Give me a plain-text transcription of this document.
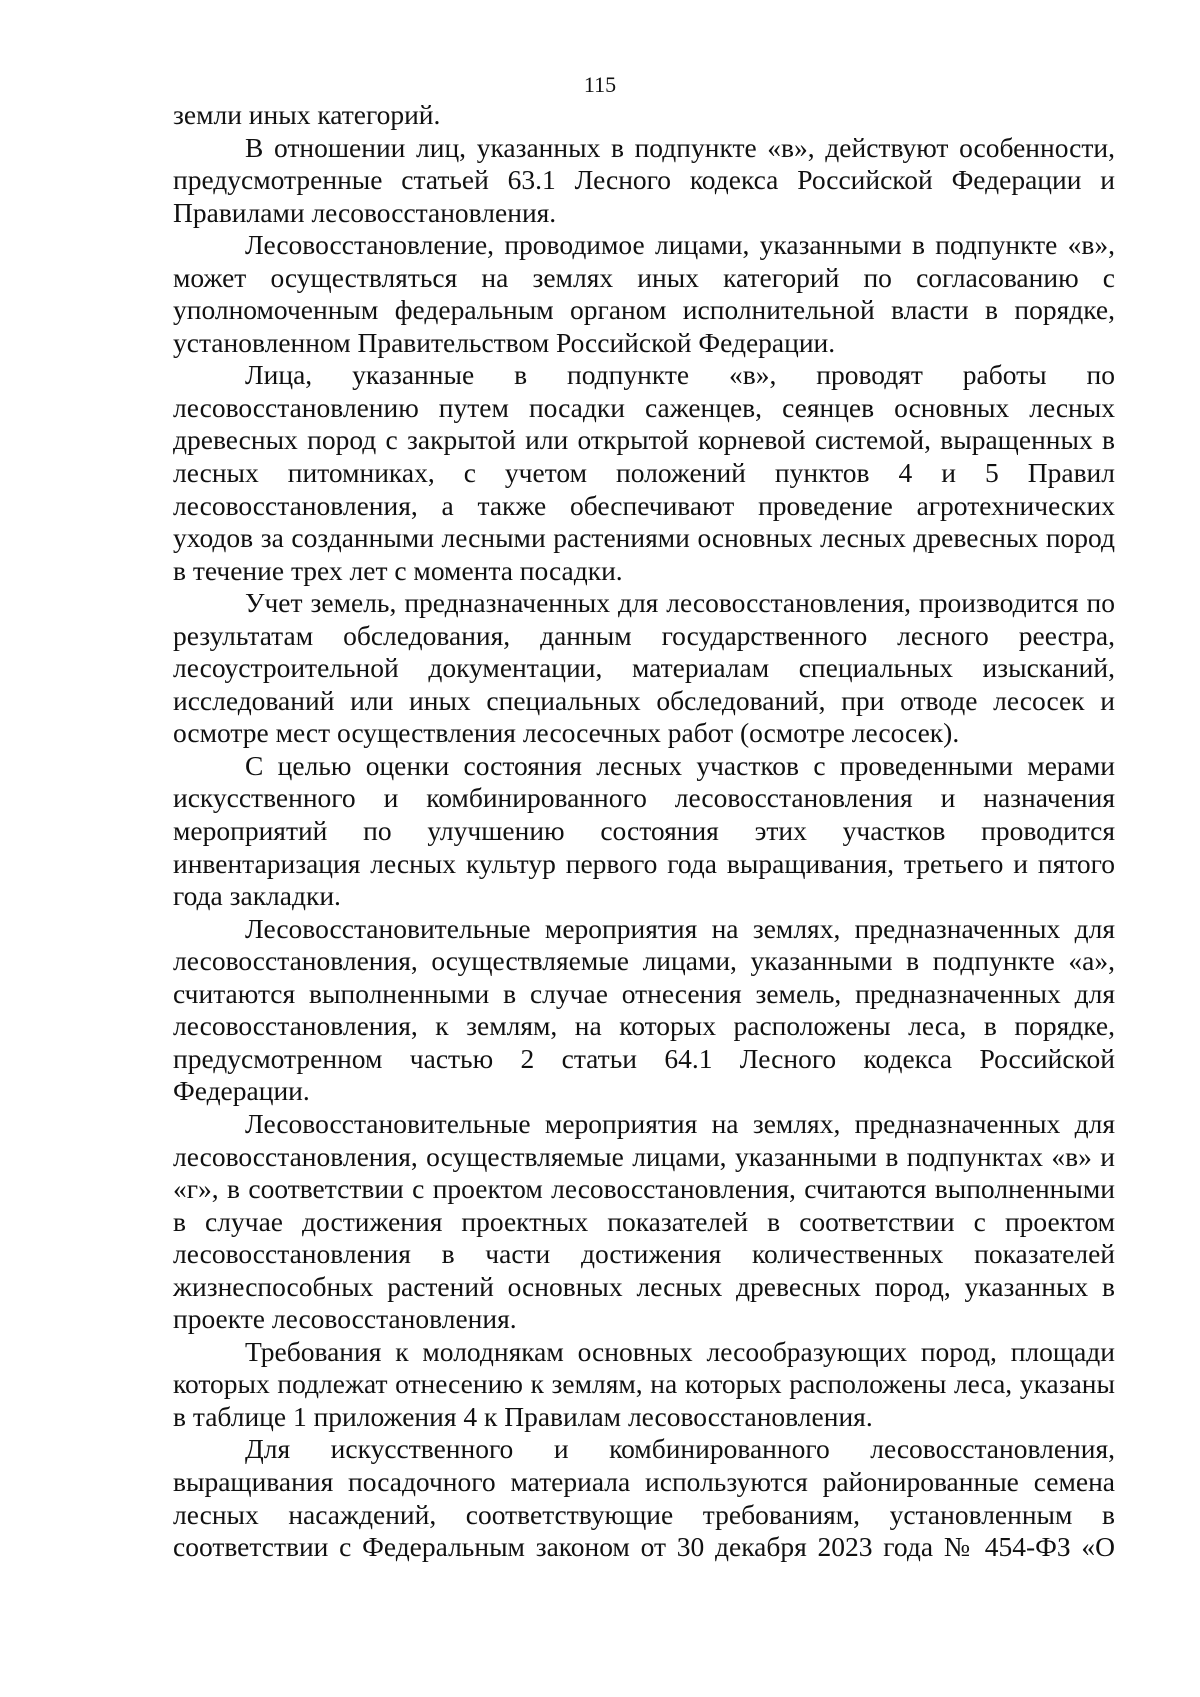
115

земли иных категорий.

В отношении лиц, указанных в подпункте «в», действуют особенности, предусмотренные статьей 63.1 Лесного кодекса Российской Федерации и Правилами лесовосстановления.

Лесовосстановление, проводимое лицами, указанными в подпункте «в», может осуществляться на землях иных категорий по согласованию с уполномоченным федеральным органом исполнительной власти в порядке, установленном Правительством Российской Федерации.

Лица, указанные в подпункте «в», проводят работы по лесовосстановлению путем посадки саженцев, сеянцев основных лесных древесных пород с закрытой или открытой корневой системой, выращенных в лесных питомниках, с учетом положений пунктов 4 и 5 Правил лесовосстановления, а также обеспечивают проведение агротехнических уходов за созданными лесными растениями основных лесных древесных пород в течение трех лет с момента посадки.

Учет земель, предназначенных для лесовосстановления, производится по результатам обследования, данным государственного лесного реестра, лесоустроительной документации, материалам специальных изысканий, исследований или иных специальных обследований, при отводе лесосек и осмотре мест осуществления лесосечных работ (осмотре лесосек).

С целью оценки состояния лесных участков с проведенными мерами искусственного и комбинированного лесовосстановления и назначения мероприятий по улучшению состояния этих участков проводится инвентаризация лесных культур первого года выращивания, третьего и пятого года закладки.

Лесовосстановительные мероприятия на землях, предназначенных для лесовосстановления, осуществляемые лицами, указанными в подпункте «а», считаются выполненными в случае отнесения земель, предназначенных для лесовосстановления, к землям, на которых расположены леса, в порядке, предусмотренном частью 2 статьи 64.1 Лесного кодекса Российской Федерации.

Лесовосстановительные мероприятия на землях, предназначенных для лесовосстановления, осуществляемые лицами, указанными в подпунктах «в» и «г», в соответствии с проектом лесовосстановления, считаются выполненными в случае достижения проектных показателей в соответствии с проектом лесовосстановления в части достижения количественных показателей жизнеспособных растений основных лесных древесных пород, указанных в проекте лесовосстановления.

Требования к молоднякам основных лесообразующих пород, площади которых подлежат отнесению к землям, на которых расположены леса, указаны в таблице 1 приложения 4 к Правилам лесовосстановления.

Для искусственного и комбинированного лесовосстановления, выращивания посадочного материала используются районированные семена лесных насаждений, соответствующие требованиям, установленным в соответствии с Федеральным законом от 30 декабря 2023 года № 454-ФЗ «О
